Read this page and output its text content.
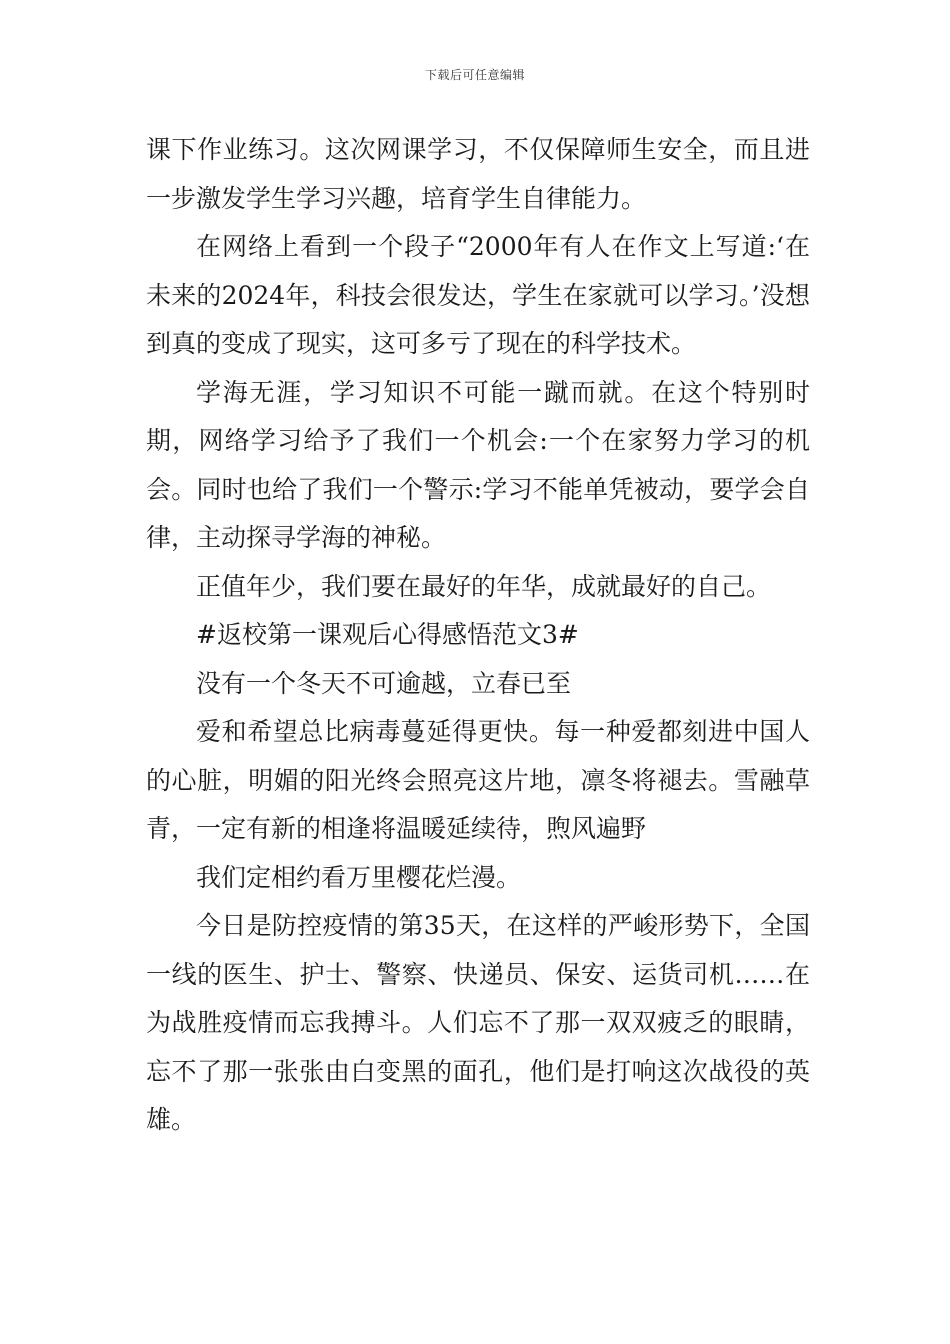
下载后可任意编辑

课下作业练习。这次网课学习，不仅保障师生安全，而且进一步激发学生学习兴趣，培育学生自律能力。

在网络上看到一个段子“2000年有人在作文上写道:‘在未来的2024年，科技会很发达，学生在家就可以学习。’没想到真的变成了现实，这可多亏了现在的科学技术。

学海无涯，学习知识不可能一蹴而就。在这个特别时期，网络学习给予了我们一个机会:一个在家努力学习的机会。同时也给了我们一个警示:学习不能单凭被动，要学会自律，主动探寻学海的神秘。

正值年少，我们要在最好的年华，成就最好的自己。

#返校第一课观后心得感悟范文3#

没有一个冬天不可逾越，立春已至

爱和希望总比病毒蔓延得更快。每一种爱都刻进中国人的心脏，明媚的阳光终会照亮这片地，凛冬将褪去。雪融草青，一定有新的相逢将温暖延续待，煦风遍野

我们定相约看万里樱花烂漫。

今日是防控疫情的第35天，在这样的严峻形势下，全国一线的医生、护士、警察、快递员、保安、运货司机……在为战胜疫情而忘我搏斗。人们忘不了那一双双疲乏的眼睛，忘不了那一张张由白变黑的面孔，他们是打响这次战役的英雄。
